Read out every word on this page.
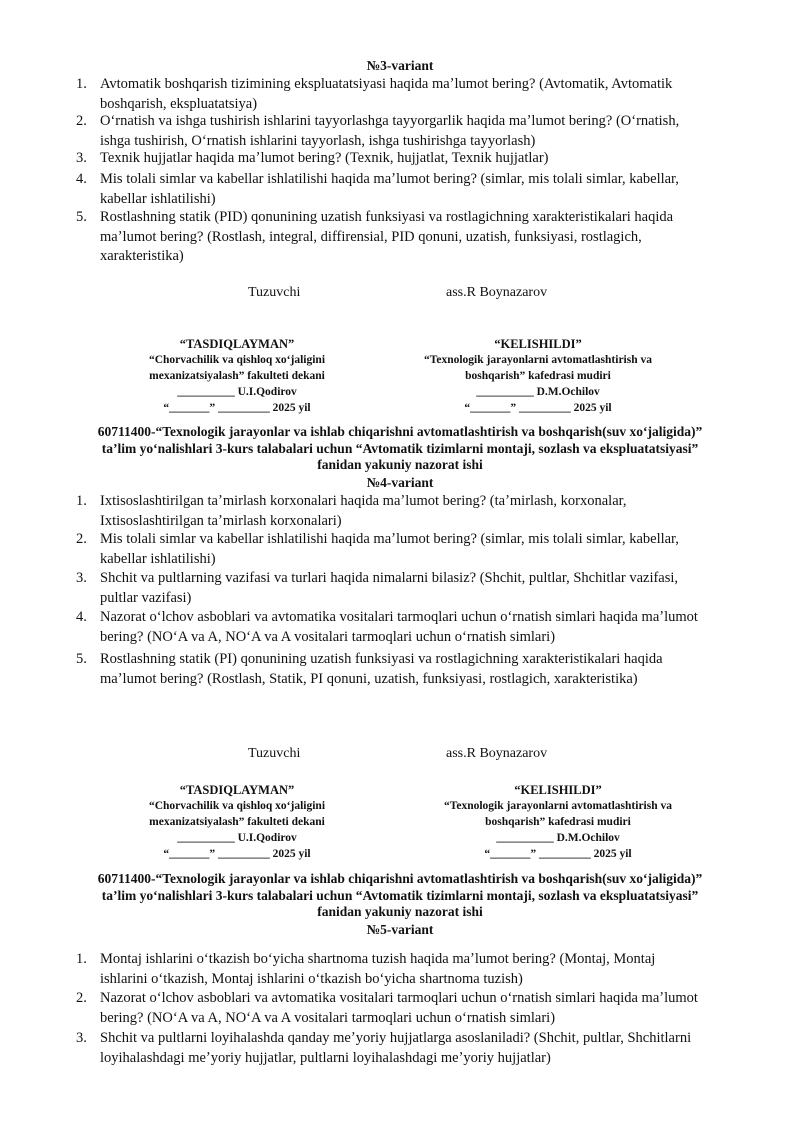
№3-variant
1. Avtomatik boshqarish tizimining ekspluatatsiyasi haqida maʼlumot bering? (Avtomatik, Avtomatik boshqarish, ekspluatatsiya)
2. Oʻrnatish va ishga tushirish ishlarini tayyorlashga tayyorgarlik haqida maʼlumot bering? (Oʻrnatish, ishga tushirish, Oʻrnatish ishlarini tayyorlash, ishga tushirishga tayyorlash)
3. Texnik hujjatlar haqida maʼlumot bering? (Texnik, hujjatlat, Texnik hujjatlar)
4. Mis tolali simlar va kabellar ishlatilishi haqida maʼlumot bering? (simlar, mis tolali simlar, kabellar, kabellar ishlatilishi)
5. Rostlashning statik (PID) qonunining uzatish funksiyasi va rostlagichning xarakteristikalari haqida maʼlumot bering? (Rostlash, integral, diffirensial, PID qonuni, uzatish, funksiyasi, rostlagich, xarakteristika)
Tuzuvchi	ass.R Boynazarov
“TASDIQLAYMAN”
“Chorvachilik va qishloq xoʻjaligini
mexanizatsiyalash” fakulteti dekani
__________ U.I.Qodirov
“_______” _________ 2025 yil
“KELISHILDI”
“Texnologik jarayonlarni avtomatlashtirish va
boshqarish” kafedrasi mudiri
__________ D.M.Ochilov
“_______” _________ 2025 yil
60711400-“Texnologik jarayonlar va ishlab chiqarishni avtomatlashtirish va boshqarish(suv xoʻjaligida)” taʼlim yoʻnalishlari 3-kurs talabalari uchun “Avtomatik tizimlarni montaji, sozlash va ekspluatatsiyasi” fanidan yakuniy nazorat ishi
№4-variant
1. Ixtisoslashtirilgan taʼmirlash korxonalari haqida maʼlumot bering? (taʼmirlash, korxonalar, Ixtisoslashtirilgan taʼmirlash korxonalari)
2. Mis tolali simlar va kabellar ishlatilishi haqida maʼlumot bering? (simlar, mis tolali simlar, kabellar, kabellar ishlatilishi)
3. Shchit va pultlarning vazifasi va turlari haqida nimalarni bilasiz? (Shchit, pultlar, Shchitlar vazifasi, pultlar vazifasi)
4. Nazorat oʻlchov asboblari va avtomatika vositalari tarmoqlari uchun oʻrnatish simlari haqida maʼlumot bering? (NOʻA va A, NOʻA va A vositalari tarmoqlari uchun oʻrnatish simlari)
5. Rostlashning statik (PI) qonunining uzatish funksiyasi va rostlagichning xarakteristikalari haqida maʼlumot bering? (Rostlash, Statik, PI qonuni, uzatish, funksiyasi, rostlagich, xarakteristika)
Tuzuvchi	ass.R Boynazarov
“TASDIQLAYMAN”
“Chorvachilik va qishloq xoʻjaligini
mexanizatsiyalash” fakulteti dekani
__________ U.I.Qodirov
“_______” _________ 2025 yil
“KELISHILDI”
“Texnologik jarayonlarni avtomatlashtirish va
boshqarish” kafedrasi mudiri
__________ D.M.Ochilov
“_______” _________ 2025 yil
60711400-“Texnologik jarayonlar va ishlab chiqarishni avtomatlashtirish va boshqarish(suv xoʻjaligida)” taʼlim yoʻnalishlari 3-kurs talabalari uchun “Avtomatik tizimlarni montaji, sozlash va ekspluatatsiyasi” fanidan yakuniy nazorat ishi
№5-variant
1. Montaj ishlarini oʻtkazish boʻyicha shartnoma tuzish haqida maʼlumot bering? (Montaj, Montaj ishlarini oʻtkazish, Montaj ishlarini oʻtkazish boʻyicha shartnoma tuzish)
2. Nazorat oʻlchov asboblari va avtomatika vositalari tarmoqlari uchun oʻrnatish simlari haqida maʼlumot bering? (NOʻA va A, NOʻA va A vositalari tarmoqlari uchun oʻrnatish simlari)
3. Shchit va pultlarni loyihalashda qanday meʼyoriy hujjatlarga asoslaniladi? (Shchit, pultlar, Shchitlarni loyihalashdagi meʼyoriy hujjatlar, pultlarni loyihalashdagi meʼyoriy hujjatlar)
